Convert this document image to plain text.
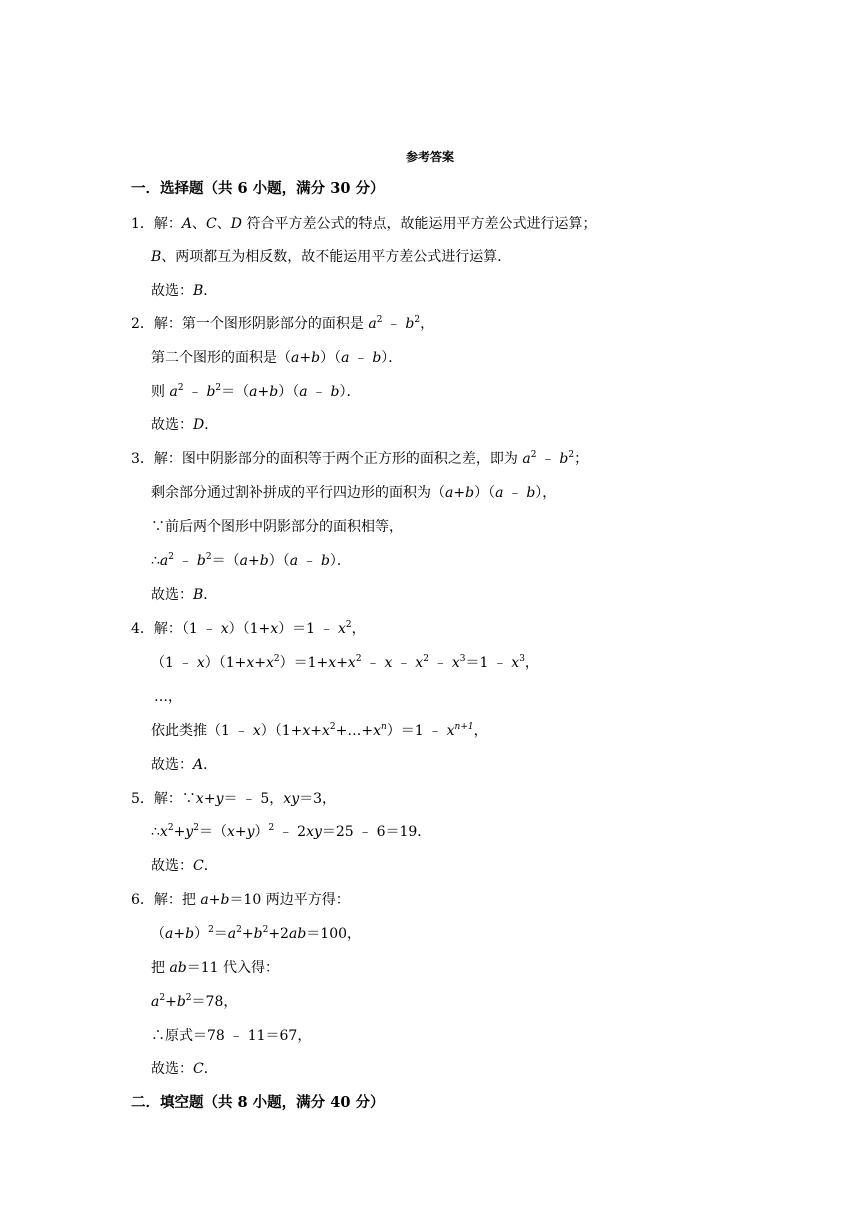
参考答案
一．选择题（共 6 小题，满分 30 分）
1．解：A、C、D 符合平方差公式的特点，故能运用平方差公式进行运算；
B、两项都互为相反数，故不能运用平方差公式进行运算．
故选：B．
2．解：第一个图形阴影部分的面积是 $a^2$ ﹣ $b^2$，
第二个图形的面积是（a+b）（a ﹣ b）．
则 $a^2$ ﹣ $b^2=(a+b)(a$ ﹣ b）．
故选：D．
3．解：图中阴影部分的面积等于两个正方形的面积之差，即为 $a^2$ ﹣ $b^2$；
剩余部分通过割补拼成的平行四边形的面积为（a+b）（a ﹣ b），
∵前后两个图形中阴影部分的面积相等，
$\therefore a^2$ ﹣ $b^2=(a+b)(a$ ﹣ b）．
故选：B．
4．解：（1 ﹣ x）（1+x）＝1 ﹣ $x^2$，
（1 ﹣ $x)(1+x+x^2)=1+x+x^2$ ﹣ x ﹣ $x^2$ ﹣ $x^3=1$ ﹣ $x^3$，
…，
依此类推（1 ﹣ $x)(1+x+x^2+\dots+x^n)=1$ ﹣ $x^{n+1}$，
故选：A．
5．解：∵x+y＝ ﹣ 5，xy＝3，
$\therefore x^2+y^2=(x+y)^2$ ﹣ 2xy＝25 ﹣ 6＝19．
故选：C．
6．解：把 a+b＝10 两边平方得：
$(a+b)^2=a^2+b^2+2ab=100$，
把 ab＝11 代入得：
$a^2+b^2=78$，
∴原式＝78 ﹣ 11＝67，
故选：C．
二．填空题（共 8 小题，满分 40 分）
